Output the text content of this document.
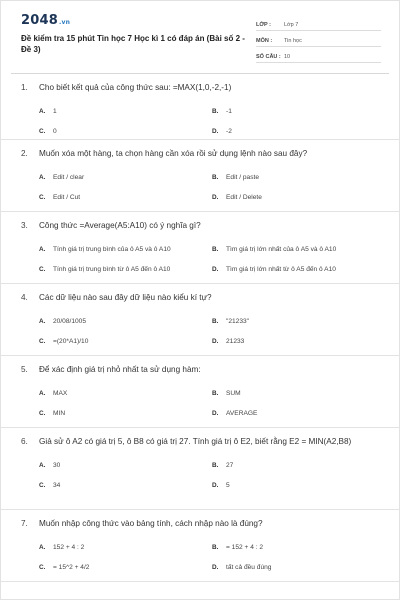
2048.vn
Đề kiểm tra 15 phút Tin học 7 Học kì 1 có đáp án (Bài số 2 - Đề 3)
LỚP :	Lớp 7
MÔN :	Tin học
SỐ CÂU : 10
1.	Cho biết kết quả của công thức sau: =MAX(1,0,-2,-1)
A.	1	B.	-1
C.	0	D.	-2
2.	Muốn xóa một hàng, ta chọn hàng cần xóa rồi sử dụng lệnh nào sau đây?
A.	Edit / clear	B.	Edit / paste
C.	Edit / Cut	D.	Edit / Delete
3.	Công thức =Average(A5:A10) có ý nghĩa gì?
A.	Tính giá trị trung bình của ô A5 và ô A10	B.	Tìm giá trị lớn nhất của ô A5 và ô A10
C.	Tính giá trị trung bình từ ô A5 đến ô A10	D.	Tìm giá trị lớn nhất từ ô A5 đến ô A10
4.	Các dữ liệu nào sau đây dữ liệu nào kiểu kí tự?
A.	20/08/1005	B.	"21233"
C.	=(20*A1)/10	D.	21233
5.	Để xác định giá trị nhỏ nhất ta sử dụng hàm:
A.	MAX	B.	SUM
C.	MIN	D.	AVERAGE
6.	Giả sử ô A2 có giá trị 5, ô B8 có giá trị 27. Tính giá trị ô E2, biết rằng E2 = MIN(A2,B8)
A.	30	B.	27
C.	34	D.	5
7.	Muốn nhập công thức vào bảng tính, cách nhập nào là đúng?
A.	152 + 4 : 2	B.	= 152 + 4 : 2
C.	= 15^2 + 4/2	D.	tất cả đều đúng
